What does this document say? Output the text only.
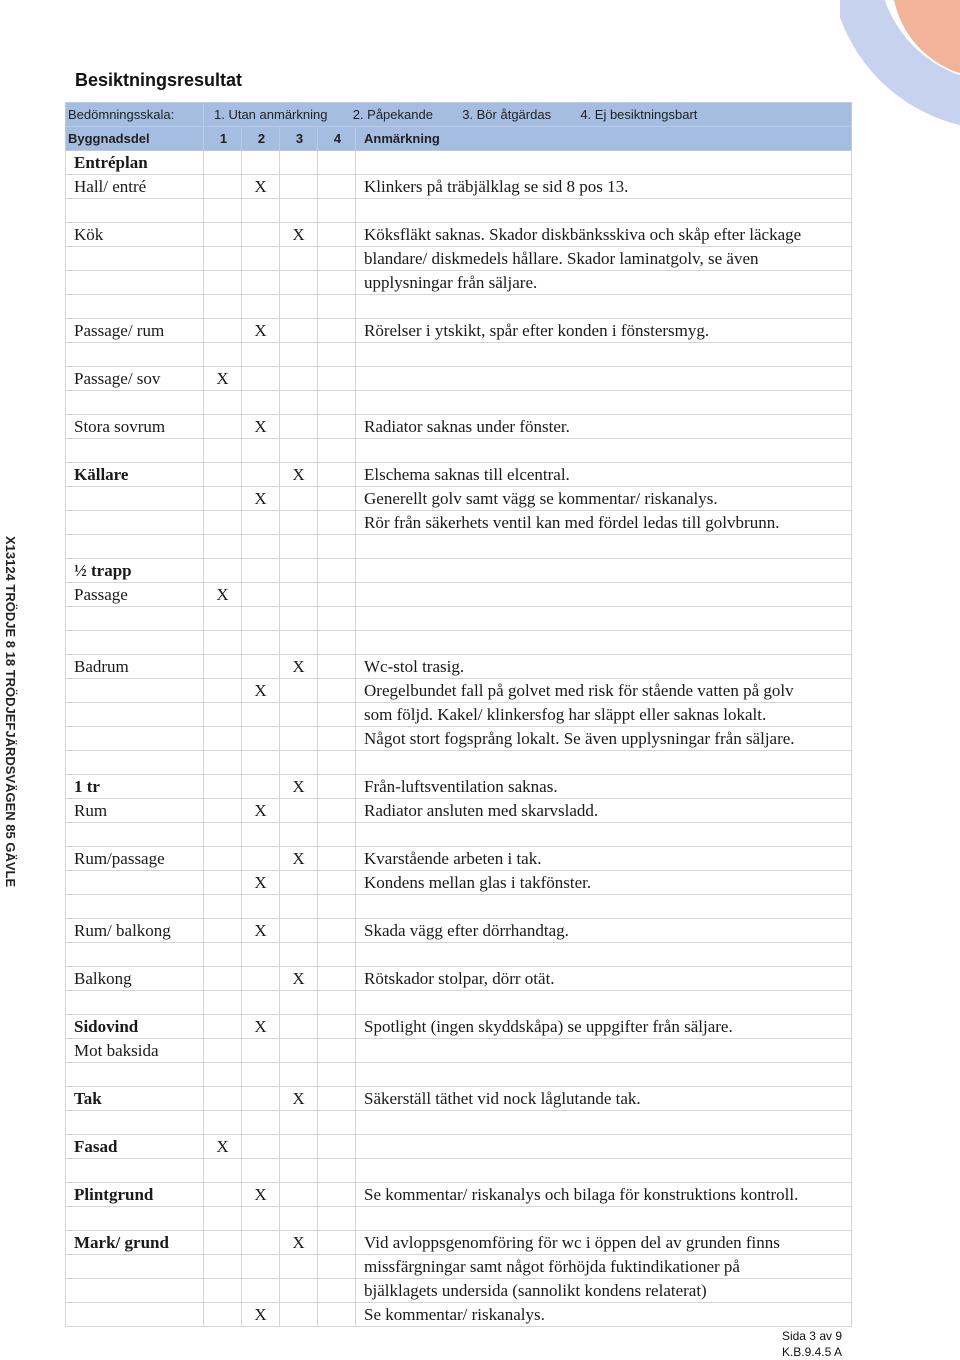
X13124 TRÖDJE 8 18 TRÖDJEFJÄRDSVÄGEN 85 GÄVLE
Besiktningsresultat
Bedömningsskala:	1. Utan anmärkning 2. Påpekande 3. Bör åtgärdas 4. Ej besiktningsbart				
Byggnadsdel	1	2	3	4	Anmärkning
Entréplan					
Hall/ entré		X			Klinkers på träbjälklag se sid 8 pos 13.

Kök			X		Köksfläkt saknas. Skador diskbänksskiva och skåp efter läckage
					blandare/ diskmedels hållare. Skador laminatgolv, se även
					upplysningar från säljare.

Passage/ rum		X			Rörelser i ytskikt, spår efter konden i fönstersmyg.

Passage/ sov	X				

Stora sovrum		X			Radiator saknas under fönster.

Källare			X		Elschema saknas till elcentral.
		X			Generellt golv samt vägg se kommentar/ riskanalys.
					Rör från säkerhets ventil kan med fördel ledas till golvbrunn.

½ trapp					
Passage	X				

Badrum			X		Wc-stol trasig.
		X			Oregelbundet fall på golvet med risk för stående vatten på golv
					som följd. Kakel/ klinkersfog har släppt eller saknas lokalt.
					Något stort fogsprång lokalt. Se även upplysningar från säljare.

1 tr			X		Från-luftsventilation saknas.
Rum		X			Radiator ansluten med skarvsladd.

Rum/passage			X		Kvarstående arbeten i tak.
		X			Kondens mellan glas i takfönster.

Rum/ balkong		X			Skada vägg efter dörrhandtag.

Balkong			X		Rötskador stolpar, dörr otät.

Sidovind		X			Spotlight (ingen skyddskåpa) se uppgifter från säljare.
Mot baksida					

Tak			X		Säkerställ täthet vid nock låglutande tak.

Fasad	X				

Plintgrund		X			Se kommentar/ riskanalys och bilaga för konstruktions kontroll.

Mark/ grund			X		Vid avloppsgenomföring för wc i öppen del av grunden finns
					missfärgningar samt något förhöjda fuktindikationer på
					bjälklagets undersida (sannolikt kondens relaterat)
		X			Se kommentar/ riskanalys.
Sida 3 av 9
K.B.9.4.5 A
